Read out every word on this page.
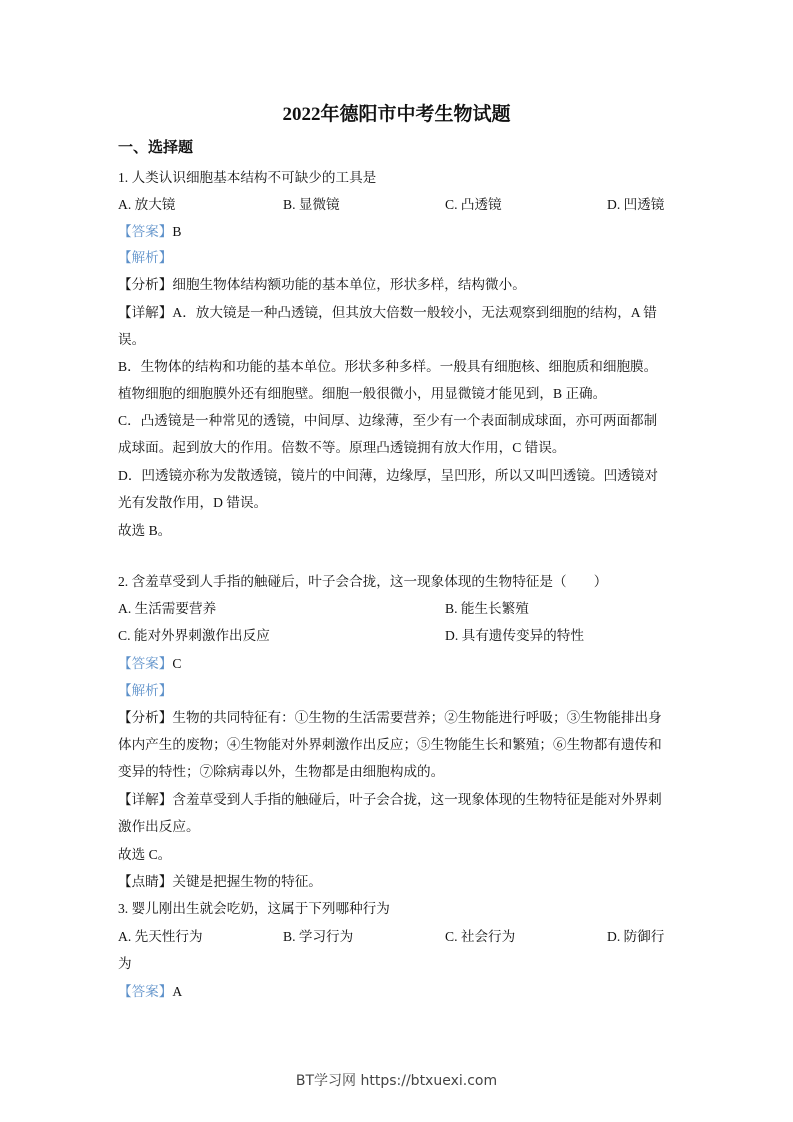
2022年德阳市中考生物试题
一、选择题
1. 人类认识细胞基本结构不可缺少的工具是
A. 放大镜	B. 显微镜	C. 凸透镜	D. 凹透镜
【答案】B
【解析】
【分析】细胞生物体结构额功能的基本单位，形状多样，结构微小。
【详解】A．放大镜是一种凸透镜，但其放大倍数一般较小，无法观察到细胞的结构，A 错
误。
B．生物体的结构和功能的基本单位。形状多种多样。一般具有细胞核、细胞质和细胞膜。
植物细胞的细胞膜外还有细胞壁。细胞一般很微小，用显微镜才能见到，B 正确。
C．凸透镜是一种常见的透镜，中间厚、边缘薄，至少有一个表面制成球面，亦可两面都制
成球面。起到放大的作用。倍数不等。原理凸透镜拥有放大作用，C 错误。
D．凹透镜亦称为发散透镜，镜片的中间薄，边缘厚，呈凹形，所以又叫凹透镜。凹透镜对
光有发散作用，D 错误。
故选 B。
2. 含羞草受到人手指的触碰后，叶子会合拢，这一现象体现的生物特征是（　　）
A. 生活需要营养	B. 能生长繁殖
C. 能对外界刺激作出反应	D. 具有遗传变异的特性
【答案】C
【解析】
【分析】生物的共同特征有：①生物的生活需要营养；②生物能进行呼吸；③生物能排出身
体内产生的废物；④生物能对外界刺激作出反应；⑤生物能生长和繁殖；⑥生物都有遗传和
变异的特性；⑦除病毒以外，生物都是由细胞构成的。
【详解】含羞草受到人手指的触碰后，叶子会合拢，这一现象体现的生物特征是能对外界刺
激作出反应。
故选 C。
【点睛】关键是把握生物的特征。
3. 婴儿刚出生就会吃奶，这属于下列哪种行为
A. 先天性行为	B. 学习行为	C. 社会行为	D. 防御行
为
【答案】A
BT学习网 https://btxuexi.com
